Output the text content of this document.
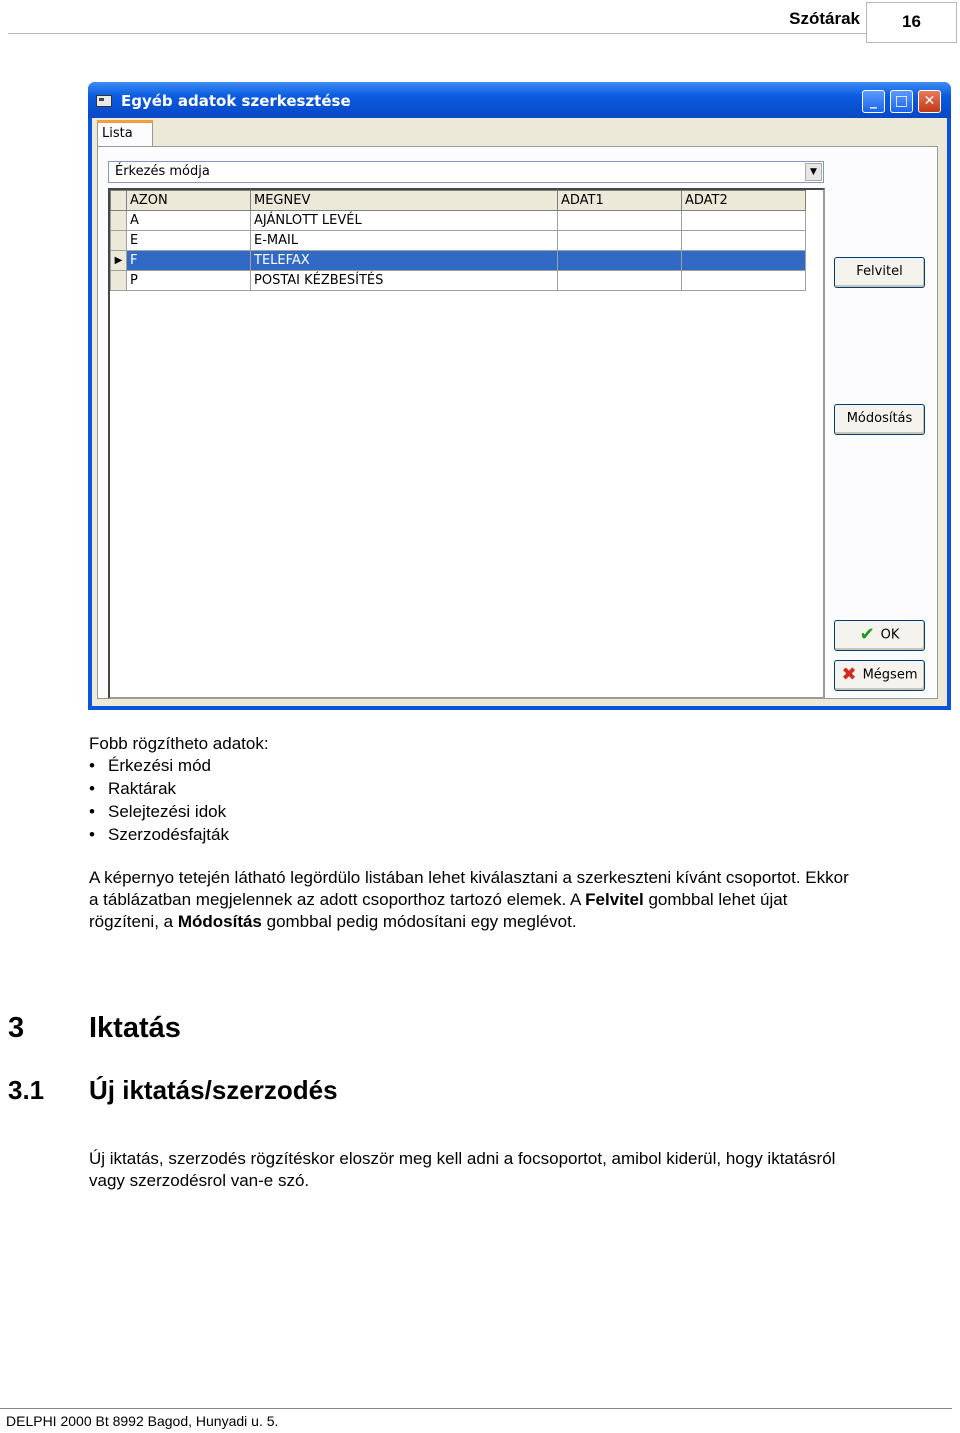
Szótárak	16
Egyéb adatok szerkesztése	_	□	✕
Lista
Érkezés módja	▼
	AZON	MEGNEV	ADAT1	ADAT2
	A	AJÁNLOTT LEVÉL		
	E	E-MAIL		
▶	F	TELEFAX		
	P	POSTAI KÉZBESÍTÉS		
Felvitel
Módosítás
✔ OK
✖ Mégsem
Fobb rögzítheto adatok:
• Érkezési mód
• Raktárak
• Selejtezési idok
• Szerzodésfajták
A képernyo tetején látható legördülo listában lehet kiválasztani a szerkeszteni kívánt csoportot. Ekkor
a táblázatban megjelennek az adott csoporthoz tartozó elemek. A Felvitel gombbal lehet újat
rögzíteni, a Módosítás gombbal pedig módosítani egy meglévot.
3 Iktatás
3.1 Új iktatás/szerzodés
Új iktatás, szerzodés rögzítéskor eloször meg kell adni a focsoportot, amibol kiderül, hogy iktatásról
vagy szerzodésrol van-e szó.
DELPHI 2000 Bt 8992 Bagod, Hunyadi u. 5.
